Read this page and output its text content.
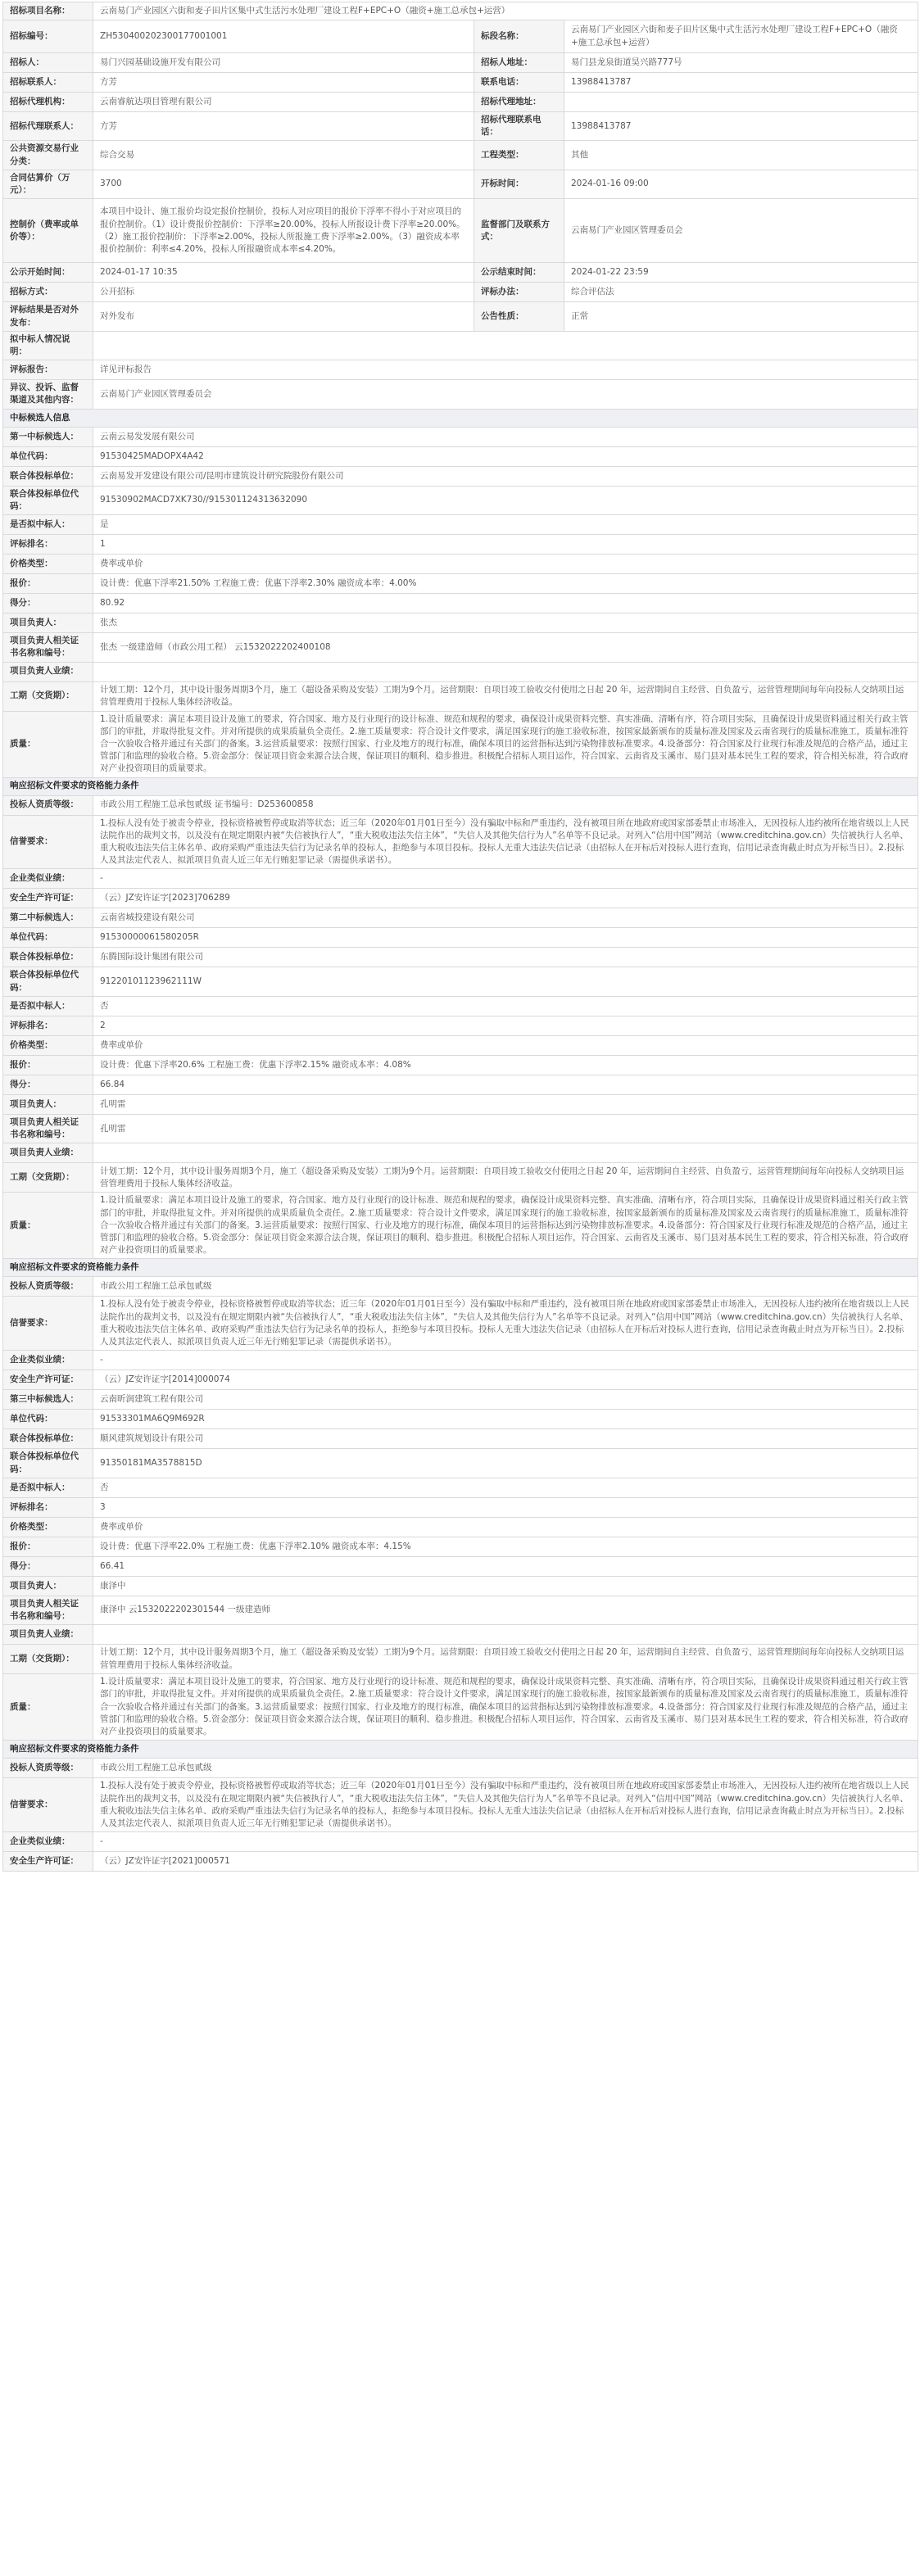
招标项目名称：	云南易门产业园区六街和麦子田片区集中式生活污水处理厂建设工程F+EPC+O（融资+施工总承包+运营）		
招标编号：	ZH530400202300177001001	标段名称：	云南易门产业园区六街和麦子田片区集中式生活污水处理厂建设工程F+EPC+O（融资+施工总承包+运营）
招标人：	易门兴园基础设施开发有限公司	招标人地址：	易门县龙泉街道昊兴路777号
招标联系人：	方芳	联系电话：	13988413787
招标代理机构：	云南睿航达项目管理有限公司	招标代理地址：	
招标代理联系人：	方芳	招标代理联系电话：	13988413787
公共资源交易行业分类：	综合交易	工程类型：	其他
合同估算价（万元）：	3700	开标时间：	2024-01-16 09:00
控制价（费率或单价等）：	本项目中设计、施工报价均设定报价控制价，投标人对应项目的报价下浮率不得小于对应项目的报价控制价。（1）设计费报价控制价：下浮率≥20.00%，投标人所报设计费下浮率≥20.00%。（2）施工报价控制价：下浮率≥2.00%，投标人所报施工费下浮率≥2.00%。（3）融资成本率报价控制价：利率≤4.20%，投标人所报融资成本率≤4.20%。	监督部门及联系方式：	云南易门产业园区管理委员会
公示开始时间：	2024-01-17 10:35	公示结束时间：	2024-01-22 23:59
招标方式：	公开招标	评标办法：	综合评估法
评标结果是否对外发布：	对外发布	公告性质：	正常
拟中标人情况说明：			
评标报告：	详见评标报告		
异议、投诉、监督渠道及其他内容：	云南易门产业园区管理委员会		
中标候选人信息			
第一中标候选人：	云南云易发发展有限公司		
单位代码：	91530425MADOPX4A42		
联合体投标单位：	云南易发开发建设有限公司/昆明市建筑设计研究院股份有限公司		
联合体投标单位代码：	91530902MACD7XK730//915301124313632090		
是否拟中标人：	是		
评标排名：	1		
价格类型：	费率或单价		
报价：	设计费：优惠下浮率21.50% 工程施工费：优惠下浮率2.30% 融资成本率：4.00%		
得分：	80.92		
项目负责人：	张杰		
项目负责人相关证书名称和编号：	张杰 一级建造师（市政公用工程） 云1532022202400108		
项目负责人业绩：			
工期（交货期）：	计划工期：12个月，其中设计服务周期3个月，施工（超设备采购及安装）工期为9个月。运营期限：自项目竣工验收交付使用之日起 20 年，运营期间自主经营、自负盈亏，运营管理期间每年向投标人交纳项目运营管理费用于投标人集体经济收益。		
质量：	1.设计质量要求：满足本项目设计及施工的要求，符合国家、地方及行业现行的设计标准、规范和规程的要求，确保设计成果资料完整、真实准确、清晰有序，符合项目实际，且确保设计成果资料通过相关行政主管部门的审批，并取得批复文件。并对所提供的成果质量负全责任。2.施工质量要求：符合设计文件要求，满足国家现行的施工验收标准，按国家最新颁布的质量标准及国家及云南省现行的质量标准施工，质量标准符合一次验收合格并通过有关部门的备案。3.运营质量要求：按照行国家、行业及地方的现行标准，确保本项目的运营指标达到污染物排放标准要求。4.设备部分：符合国家及行业现行标准及规范的合格产品，通过主管部门和监理的验收合格。5.资金部分：保证项目资金来源合法合规，保证项目的顺利、稳步推进。积极配合招标人项目运作，符合国家、云南省及玉溪市、易门县对基本民生工程的要求，符合相关标准，符合政府对产业投资项目的质量要求。		
响应招标文件要求的资格能力条件			
投标人资质等级：	市政公用工程施工总承包贰级 证书编号：D253600858		
信誉要求：	1.投标人没有处于被责令停业，投标资格被暂停或取消等状态；近三年（2020年01月01日至今）没有骗取中标和严重违约，没有被项目所在地政府或国家部委禁止市场准入，无因投标人违约被所在地省级以上人民法院作出的裁判文书，以及没有在规定期限内被“失信被执行人”，“重大税收违法失信主体”，“失信人及其他失信行为人”名单等不良记录。对列入“信用中国”网站（www.creditchina.gov.cn）失信被执行人名单、重大税收违法失信主体名单、政府采购严重违法失信行为记录名单的投标人，拒绝参与本项目投标。投标人无重大违法失信记录（由招标人在开标后对投标人进行查询，信用记录查询截止时点为开标当日）。2.投标人及其法定代表人、拟派项目负责人近三年无行贿犯罪记录（需提供承诺书）。		
企业类似业绩：	-		
安全生产许可证：	（云）JZ安许证字[2023]706289		
第二中标候选人：	云南省城投建设有限公司		
单位代码：	91530000061580205R		
联合体投标单位：	东腾国际设计集团有限公司		
联合体投标单位代码：	91220101123962111W		
是否拟中标人：	否		
评标排名：	2		
价格类型：	费率或单价		
报价：	设计费：优惠下浮率20.6% 工程施工费：优惠下浮率2.15% 融资成本率：4.08%		
得分：	66.84		
项目负责人：	孔明雷		
项目负责人相关证书名称和编号：	孔明雷		
项目负责人业绩：			
工期（交货期）：	计划工期：12个月，其中设计服务周期3个月，施工（超设备采购及安装）工期为9个月。运营期限：自项目竣工验收交付使用之日起 20 年，运营期间自主经营、自负盈亏，运营管理期间每年向投标人交纳项目运营管理费用于投标人集体经济收益。		
质量：	1.设计质量要求：满足本项目设计及施工的要求，符合国家、地方及行业现行的设计标准、规范和规程的要求，确保设计成果资料完整、真实准确、清晰有序，符合项目实际，且确保设计成果资料通过相关行政主管部门的审批，并取得批复文件。并对所提供的成果质量负全责任。2.施工质量要求：符合设计文件要求，满足国家现行的施工验收标准，按国家最新颁布的质量标准及国家及云南省现行的质量标准施工，质量标准符合一次验收合格并通过有关部门的备案。3.运营质量要求：按照行国家、行业及地方的现行标准，确保本项目的运营指标达到污染物排放标准要求。4.设备部分：符合国家及行业现行标准及规范的合格产品，通过主管部门和监理的验收合格。5.资金部分：保证项目资金来源合法合规，保证项目的顺利、稳步推进。积极配合招标人项目运作，符合国家、云南省及玉溪市、易门县对基本民生工程的要求，符合相关标准，符合政府对产业投资项目的质量要求。		
响应招标文件要求的资格能力条件			
投标人资质等级：	市政公用工程施工总承包贰级		
信誉要求：	1.投标人没有处于被责令停业，投标资格被暂停或取消等状态；近三年（2020年01月01日至今）没有骗取中标和严重违约，没有被项目所在地政府或国家部委禁止市场准入，无因投标人违约被所在地省级以上人民法院作出的裁判文书，以及没有在规定期限内被“失信被执行人”，“重大税收违法失信主体”，“失信人及其他失信行为人”名单等不良记录。对列入“信用中国”网站（www.creditchina.gov.cn）失信被执行人名单、重大税收违法失信主体名单、政府采购严重违法失信行为记录名单的投标人，拒绝参与本项目投标。投标人无重大违法失信记录（由招标人在开标后对投标人进行查询，信用记录查询截止时点为开标当日）。2.投标人及其法定代表人、拟派项目负责人近三年无行贿犯罪记录（需提供承诺书）。		
企业类似业绩：	-		
安全生产许可证：	（云）JZ安许证字[2014]000074		
第三中标候选人：	云南昕润建筑工程有限公司		
单位代码：	91533301MA6Q9M692R		
联合体投标单位：	顺风建筑规划设计有限公司		
联合体投标单位代码：	91350181MA3578815D		
是否拟中标人：	否		
评标排名：	3		
价格类型：	费率或单价		
报价：	设计费：优惠下浮率22.0% 工程施工费：优惠下浮率2.10% 融资成本率：4.15%		
得分：	66.41		
项目负责人：	康泽中		
项目负责人相关证书名称和编号：	康泽中 云1532022202301544 一级建造师		
项目负责人业绩：			
工期（交货期）：	计划工期：12个月，其中设计服务周期3个月，施工（超设备采购及安装）工期为9个月。运营期限：自项目竣工验收交付使用之日起 20 年，运营期间自主经营、自负盈亏，运营管理期间每年向投标人交纳项目运营管理费用于投标人集体经济收益。		
质量：	1.设计质量要求：满足本项目设计及施工的要求，符合国家、地方及行业现行的设计标准、规范和规程的要求，确保设计成果资料完整、真实准确、清晰有序，符合项目实际，且确保设计成果资料通过相关行政主管部门的审批，并取得批复文件。并对所提供的成果质量负全责任。2.施工质量要求：符合设计文件要求，满足国家现行的施工验收标准，按国家最新颁布的质量标准及国家及云南省现行的质量标准施工，质量标准符合一次验收合格并通过有关部门的备案。3.运营质量要求：按照行国家、行业及地方的现行标准，确保本项目的运营指标达到污染物排放标准要求。4.设备部分：符合国家及行业现行标准及规范的合格产品，通过主管部门和监理的验收合格。5.资金部分：保证项目资金来源合法合规，保证项目的顺利、稳步推进。积极配合招标人项目运作，符合国家、云南省及玉溪市、易门县对基本民生工程的要求，符合相关标准，符合政府对产业投资项目的质量要求。		
响应招标文件要求的资格能力条件			
投标人资质等级：	市政公用工程施工总承包贰级		
信誉要求：	1.投标人没有处于被责令停业，投标资格被暂停或取消等状态；近三年（2020年01月01日至今）没有骗取中标和严重违约，没有被项目所在地政府或国家部委禁止市场准入，无因投标人违约被所在地省级以上人民法院作出的裁判文书，以及没有在规定期限内被“失信被执行人”，“重大税收违法失信主体”，“失信人及其他失信行为人”名单等不良记录。对列入“信用中国”网站（www.creditchina.gov.cn）失信被执行人名单、重大税收违法失信主体名单、政府采购严重违法失信行为记录名单的投标人，拒绝参与本项目投标。投标人无重大违法失信记录（由招标人在开标后对投标人进行查询，信用记录查询截止时点为开标当日）。2.投标人及其法定代表人、拟派项目负责人近三年无行贿犯罪记录（需提供承诺书）。		
企业类似业绩：	-		
安全生产许可证：	（云）JZ安许证字[2021]000571		
